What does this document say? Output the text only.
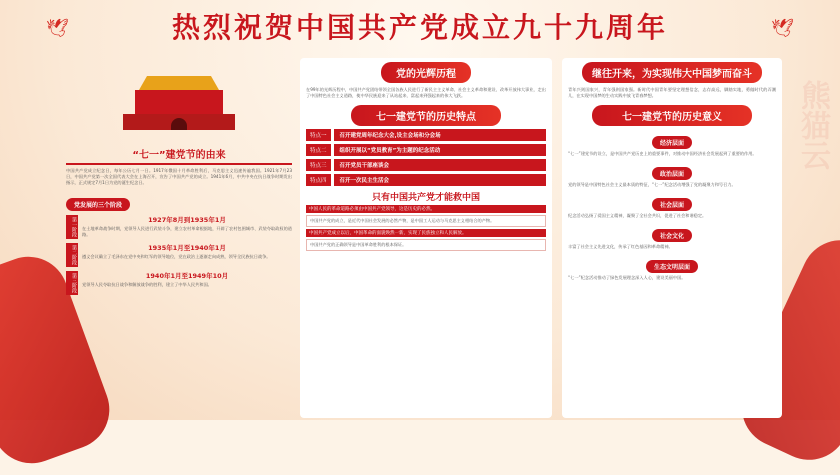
熊猫云
🕊	🕊
热烈祝贺中国共产党成立九十九周年
“七一”建党节的由来

中国共产党成立纪念日，每年公历七月一日。1917年俄国十月革命胜利后，马克思主义迅速传遍我国。1921年7月23日，中国共产党第一次全国代表大会在上海召开，宣告了中国共产党的成立。1941年6月，中共中央在抗日战争时期发出指示，正式规定7月1日为党的诞生纪念日。

党发展的三个阶段
第一阶段	1927年8月到1935年1月

在土地革命战争时期，党领导人民进行武装斗争，建立农村革命根据地，开辟了农村包围城市、武装夺取政权的道路。

第二阶段	1935年1月至1940年1月

遵义会议确立了毛泽东在党中央和红军的领导地位，党在政治上逐渐走向成熟，领导全民族抗日战争。

第三阶段	1940年1月至1949年10月

党领导人民夺取抗日战争和解放战争的胜利，建立了中华人民共和国。

党的光辉历程

在99年的光辉历程中，中国共产党团结带领全国各族人民进行了新民主主义革命、社会主义革命和建设、改革开放伟大事业，走出了中国特色社会主义道路，使中华民族迎来了从站起来、富起来到强起来的伟大飞跃。

七一建党节的历史特点
特点一	召开建党周年纪念大会,设主会场和分会场
特点二	组织开展以“党员教育”为主题的纪念活动
特点三	召开党员干部座谈会
特点四	召开一次民主生活会
只有中国共产党才能救中国
中国人民的革命道路必须由中国共产党领导，这是历史的必然。
中国共产党的成立，是近代中国社会发展的必然产物，是中国工人运动与马克思主义相结合的产物。
中国共产党成立以后，中国革命的面貌焕然一新，实现了民族独立和人民解放。
中国共产党的正确领导是中国革命胜利的根本保证。
继往开来，为实现伟大中国梦而奋斗

青年兴则国家兴，青年强则国家强。新时代中国青年要坚定理想信念，志存高远，脚踏实地，勇做时代的弄潮儿，在实现中国梦的生动实践中放飞青春梦想。

七一建党节的历史意义
经济层面

“七一”建党节的设立，是中国共产党历史上的重要事件，对推动中国经济社会发展起到了重要的作用。

政治层面

党的领导是中国特色社会主义最本质的特征，“七一”纪念活动增强了党的凝聚力和号召力。

社会层面

纪念活动弘扬了爱国主义精神，凝聚了全社会共识，促进了社会和谐稳定。

社会文化

丰富了社会主义先进文化，传承了红色基因和革命精神。

生态文明层面

“七一”纪念活动推动了绿色发展理念深入人心，建设美丽中国。
